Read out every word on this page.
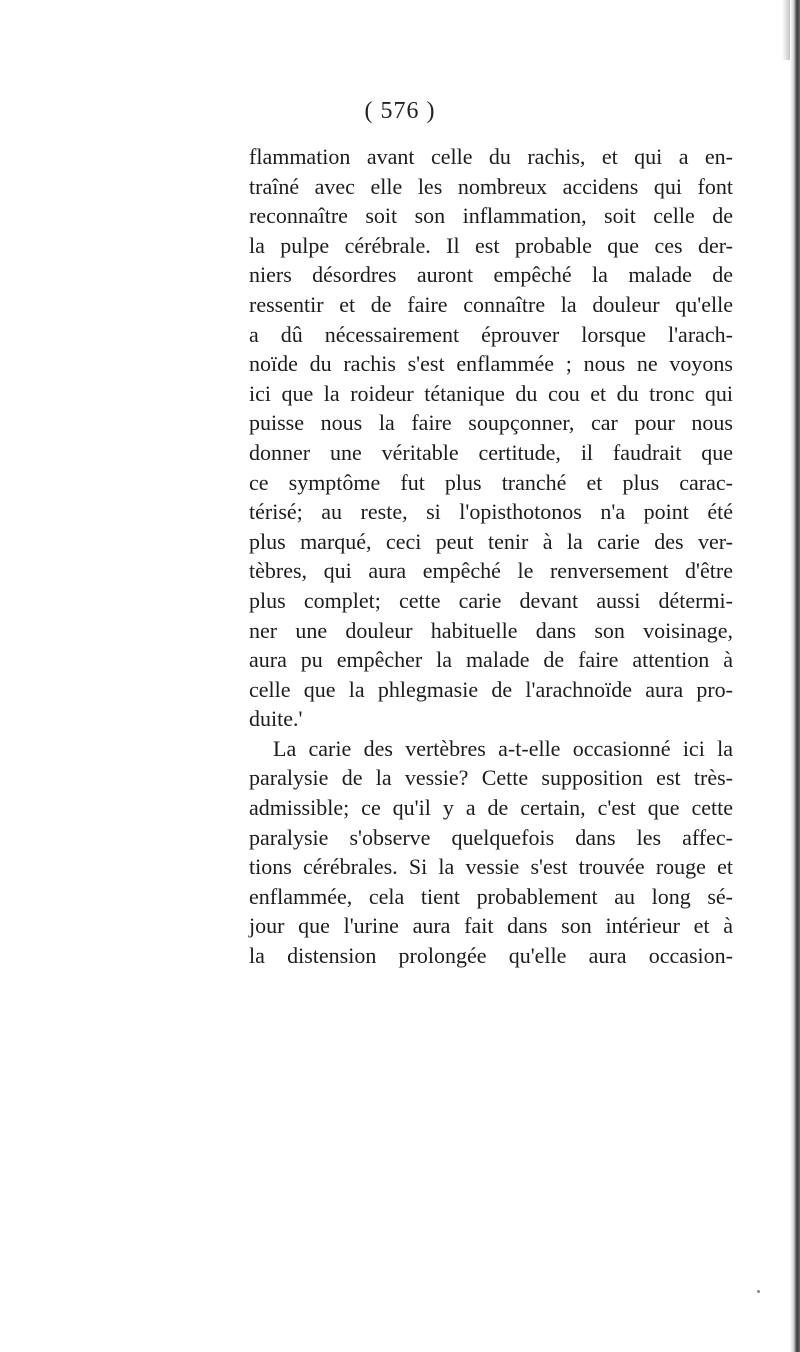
( 576 )
flammation avant celle du rachis, et qui a en-
traîné avec elle les nombreux accidens qui font
reconnaître soit son inflammation, soit celle de
la pulpe cérébrale. Il est probable que ces der-
niers désordres auront empêché la malade de
ressentir et de faire connaître la douleur qu'elle
a dû nécessairement éprouver lorsque l'arach-
noïde du rachis s'est enflammée ; nous ne voyons
ici que la roideur tétanique du cou et du tronc qui
puisse nous la faire soupçonner, car pour nous
donner une véritable certitude, il faudrait que
ce symptôme fut plus tranché et plus carac-
térisé; au reste, si l'opisthotonos n'a point été
plus marqué, ceci peut tenir à la carie des ver-
tèbres, qui aura empêché le renversement d'être
plus complet; cette carie devant aussi détermi-
ner une douleur habituelle dans son voisinage,
aura pu empêcher la malade de faire attention à
celle que la phlegmasie de l'arachnoïde aura pro-
duite.'
La carie des vertèbres a-t-elle occasionné ici la
paralysie de la vessie? Cette supposition est très-
admissible; ce qu'il y a de certain, c'est que cette
paralysie s'observe quelquefois dans les affec-
tions cérébrales. Si la vessie s'est trouvée rouge et
enflammée, cela tient probablement au long sé-
jour que l'urine aura fait dans son intérieur et à
la distension prolongée qu'elle aura occasion-
